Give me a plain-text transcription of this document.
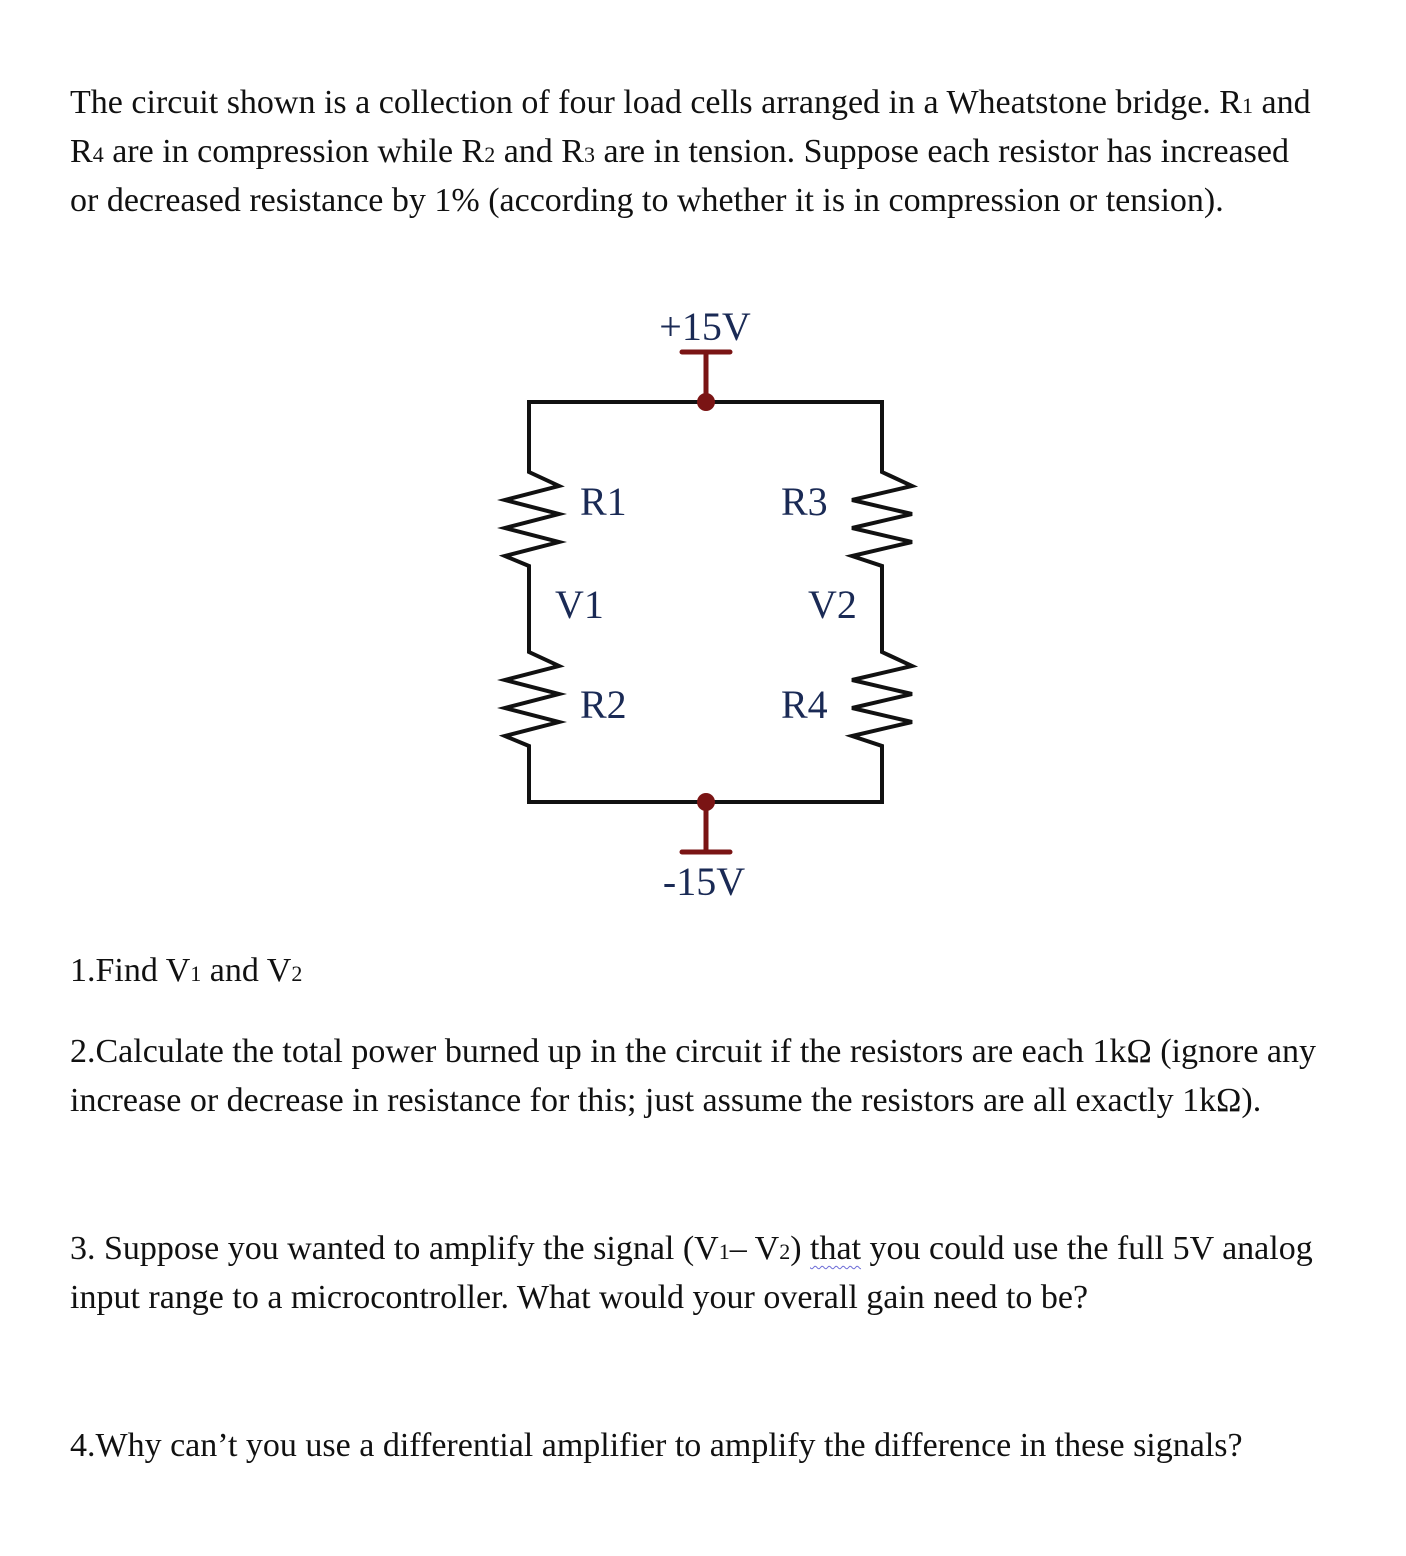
The circuit shown is a collection of four load cells arranged in a Wheatstone bridge. R1 and R4 are in compression while R2 and R3 are in tension. Suppose each resistor has increased or decreased resistance by 1% (according to whether it is in compression or tension).

+15V
-15V
R1	R3
V1	V2
R2	R4

1.Find V1 and V2

2.Calculate the total power burned up in the circuit if the resistors are each 1kΩ (ignore any increase or decrease in resistance for this; just assume the resistors are all exactly 1kΩ).

3. Suppose you wanted to amplify the signal (V1– V2) that you could use the full 5V analog input range to a microcontroller. What would your overall gain need to be?

4.Why can’t you use a differential amplifier to amplify the difference in these signals?
